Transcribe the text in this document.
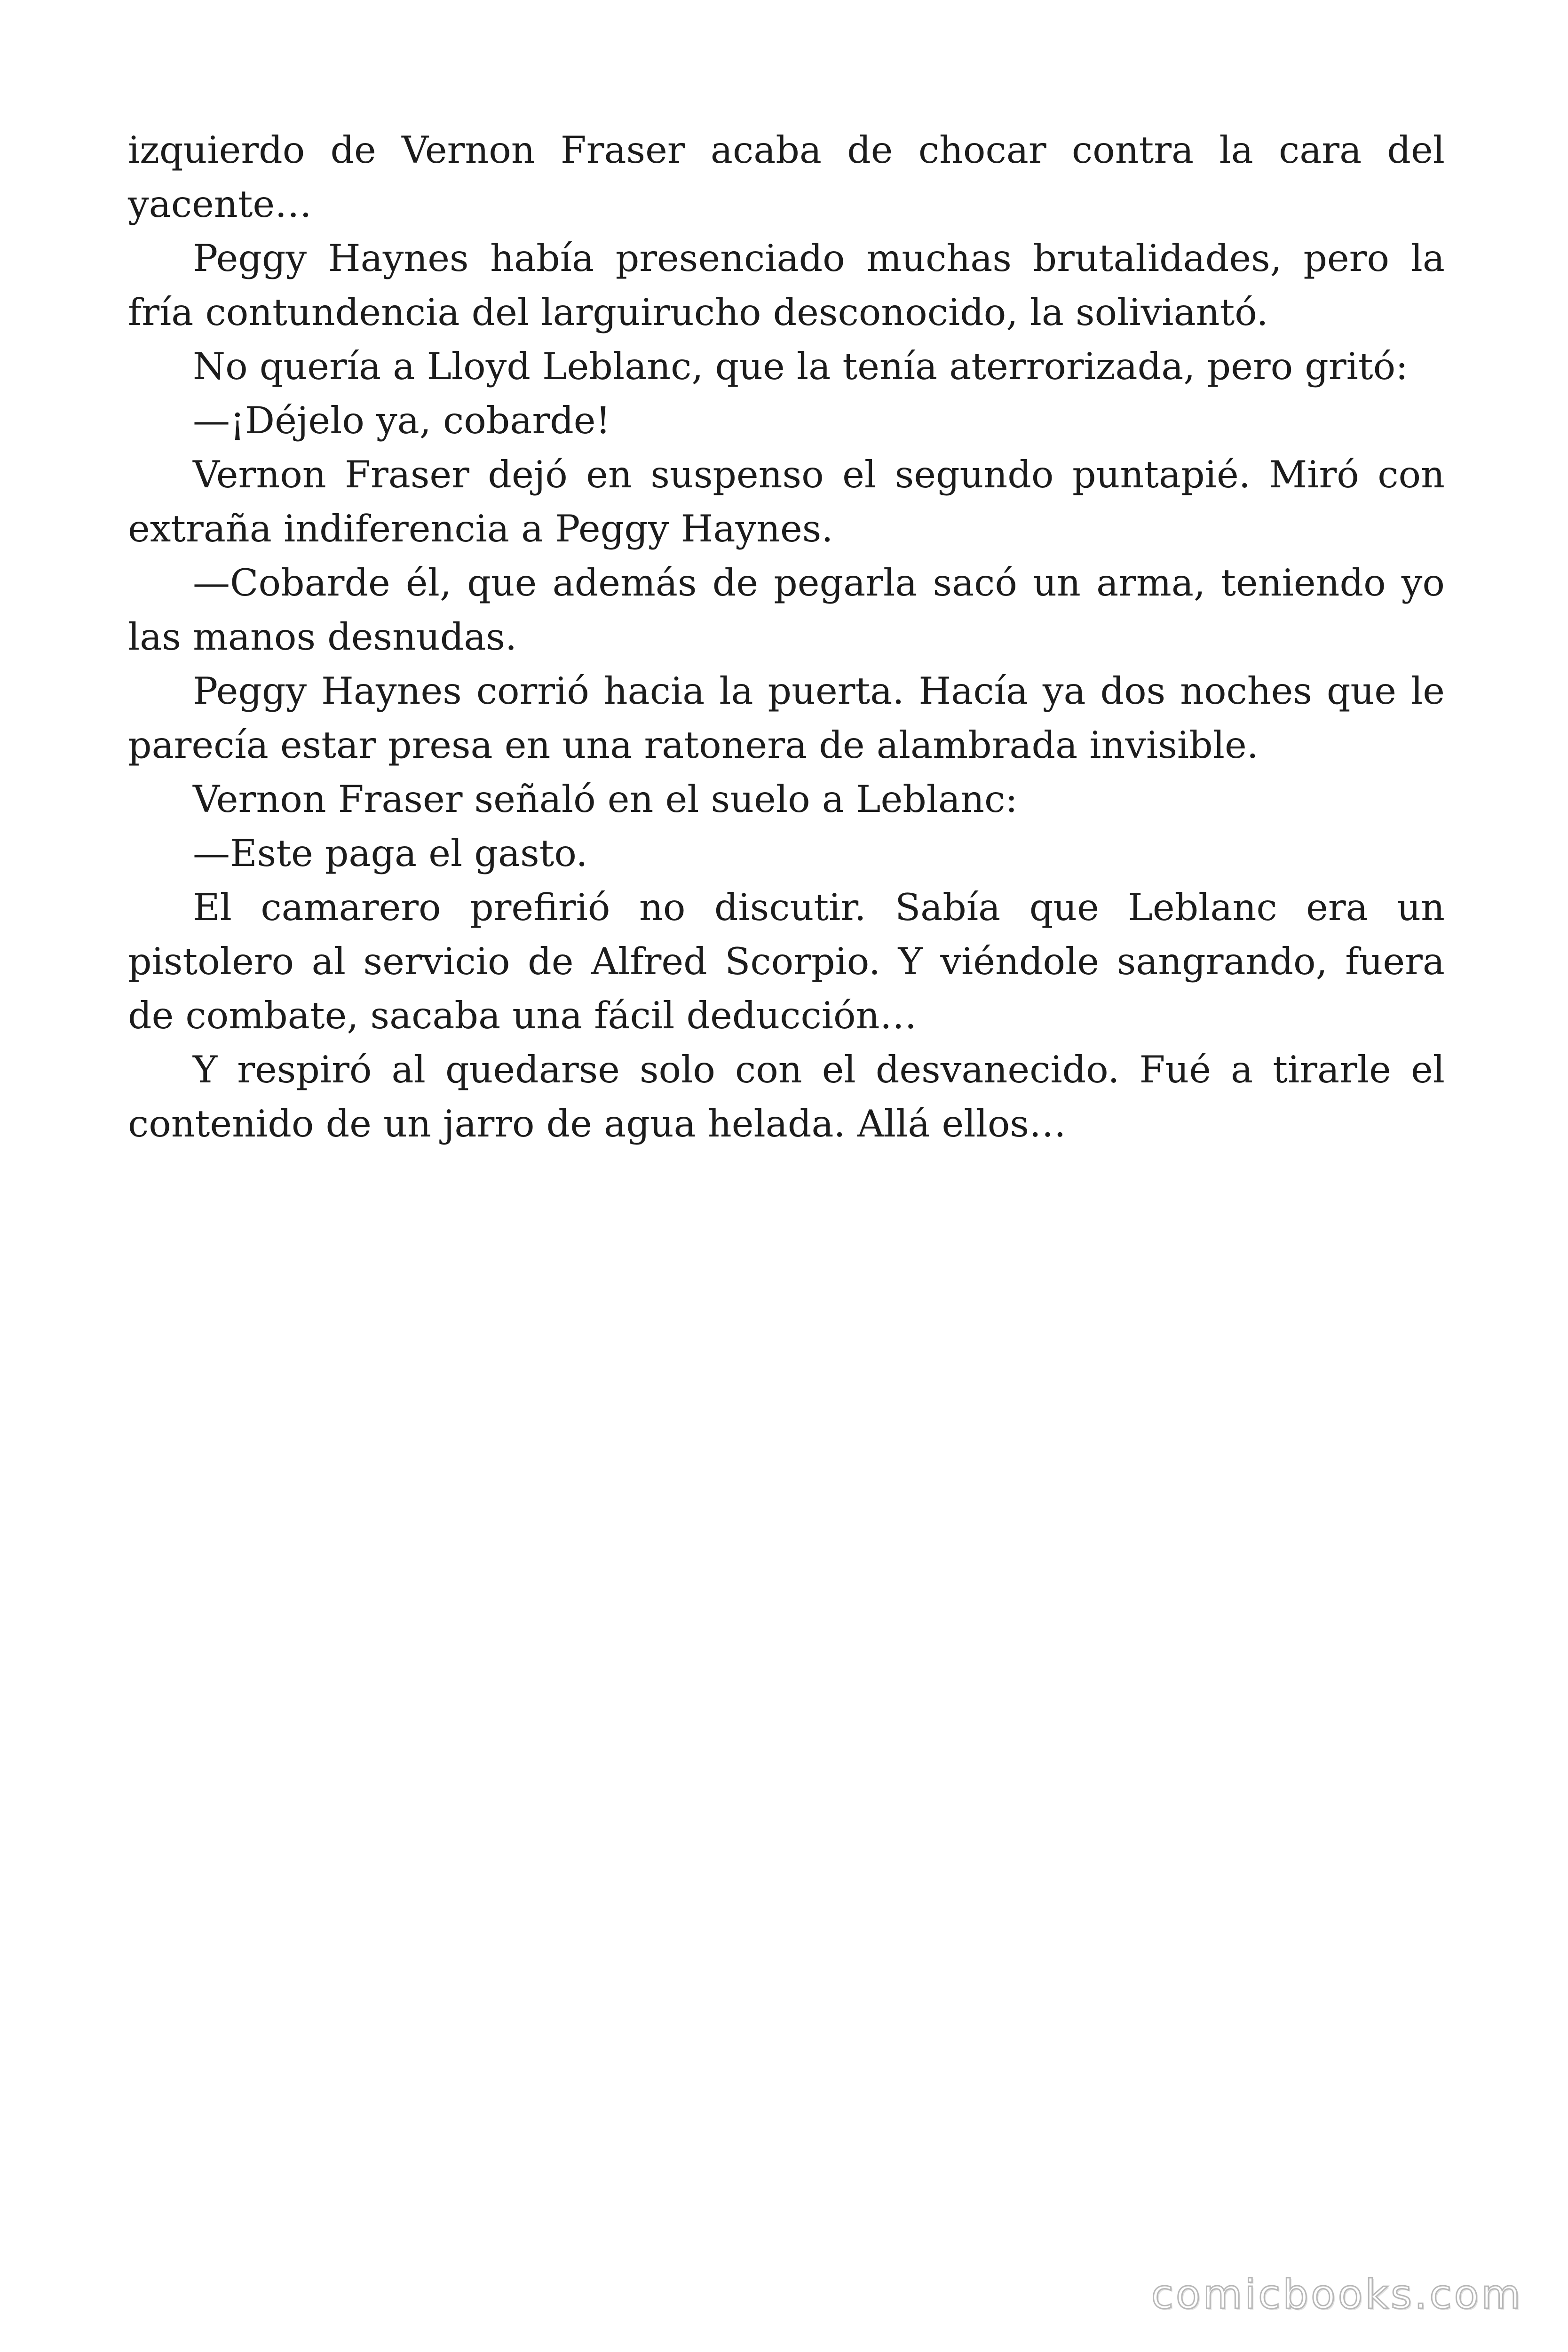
izquierdo de Vernon Fraser acaba de chocar contra la cara del yacente…

Peggy Haynes había presenciado muchas brutalidades, pero la fría contundencia del larguirucho desconocido, la soliviantó.

No quería a Lloyd Leblanc, que la tenía aterrorizada, pero gritó:

—¡Déjelo ya, cobarde!

Vernon Fraser dejó en suspenso el segundo puntapié. Miró con extraña indiferencia a Peggy Haynes.

—Cobarde él, que además de pegarla sacó un arma, teniendo yo las manos desnudas.

Peggy Haynes corrió hacia la puerta. Hacía ya dos noches que le parecía estar presa en una ratonera de alambrada invisible.

Vernon Fraser señaló en el suelo a Leblanc:

—Este paga el gasto.

El camarero prefirió no discutir. Sabía que Leblanc era un pistolero al servicio de Alfred Scorpio. Y viéndole sangrando, fuera de combate, sacaba una fácil deducción…

Y respiró al quedarse solo con el desvanecido. Fué a tirarle el contenido de un jarro de agua helada. Allá ellos…

comicbooks.com
